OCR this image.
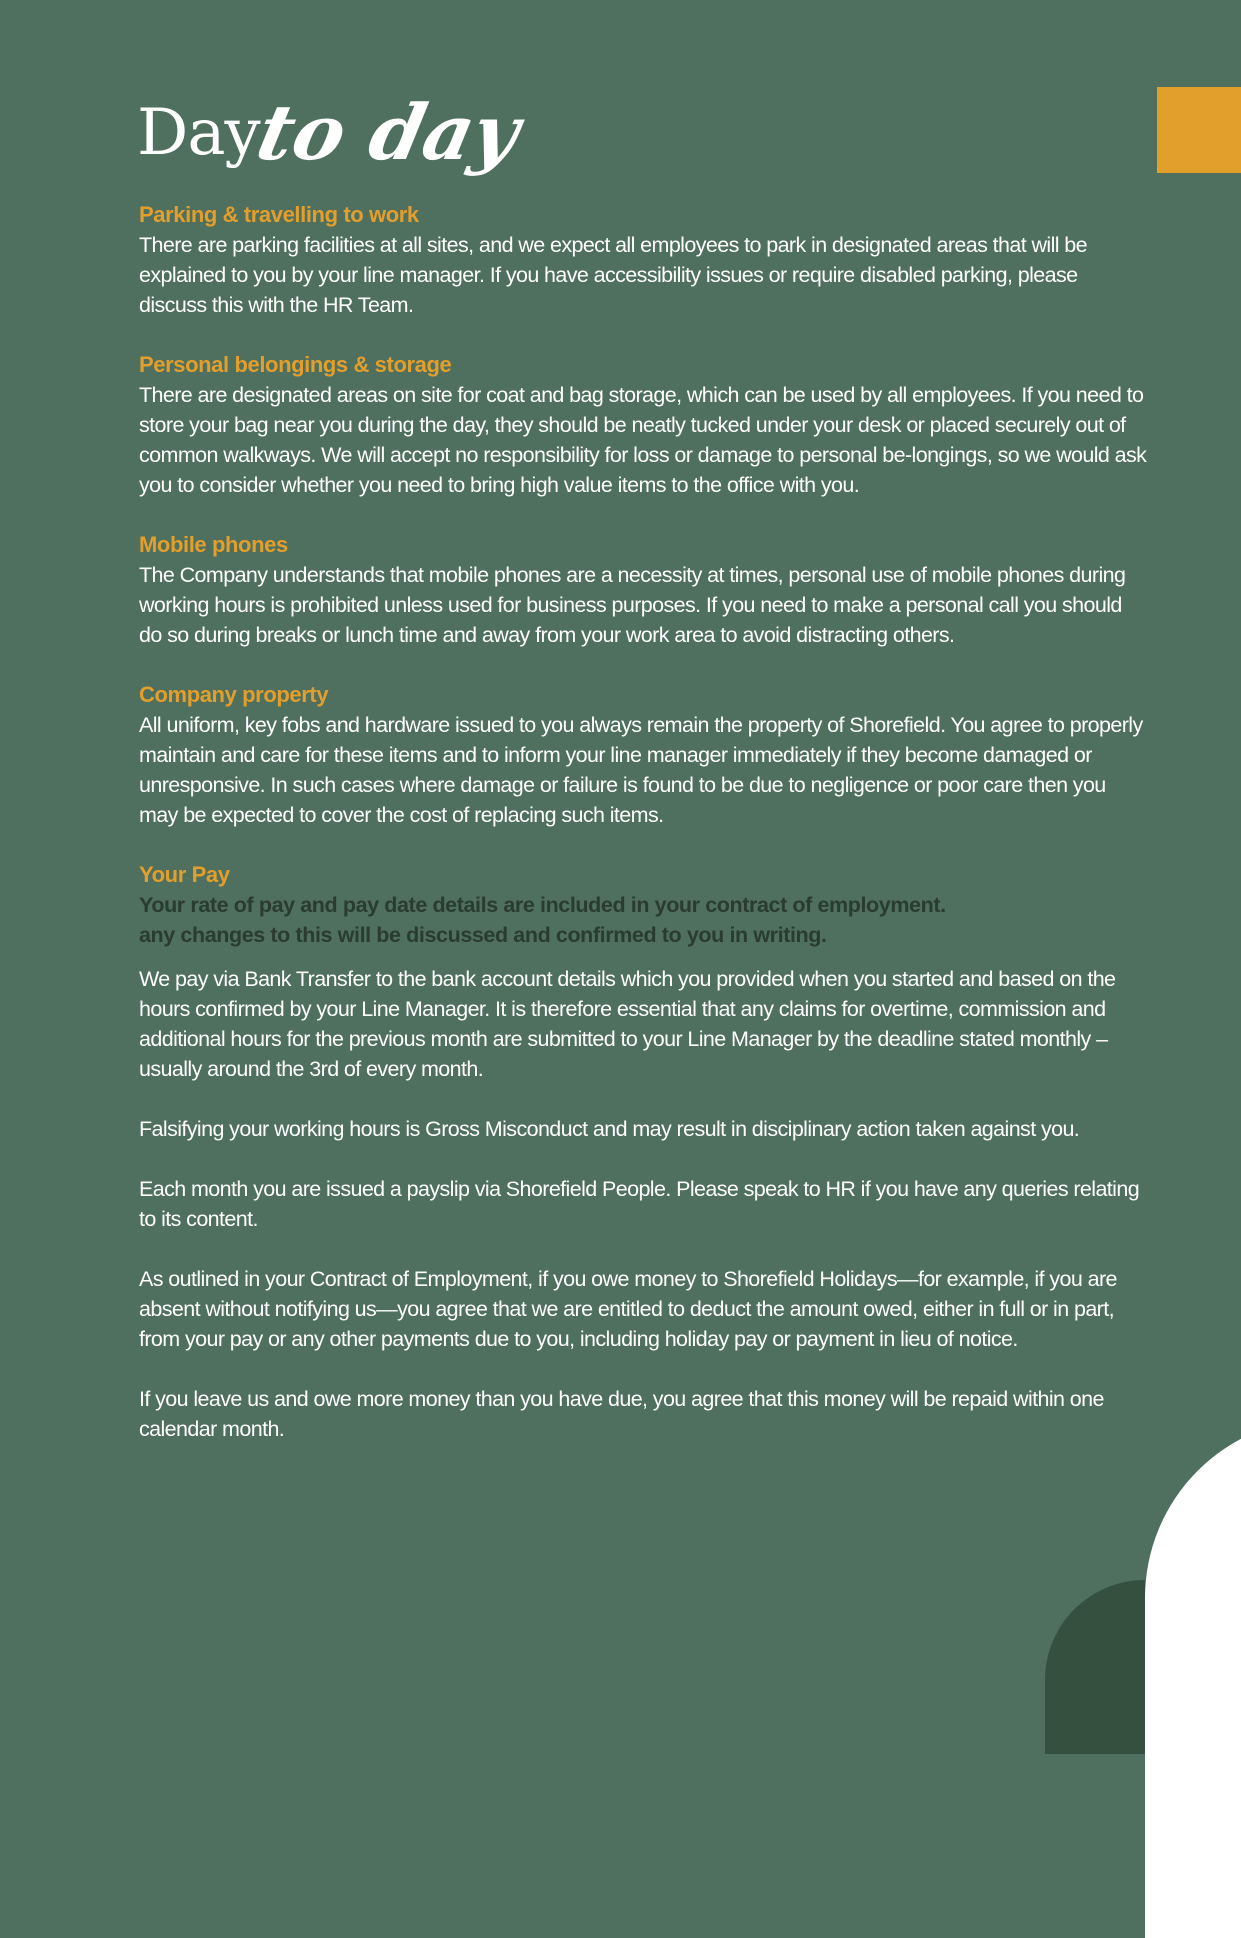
Day
to day

Parking & travelling to work

There are parking facilities at all sites, and we expect all employees to park in designated areas that will be explained to you by your line manager. If you have accessibility issues or require disabled parking, please discuss this with the HR Team.

Personal belongings & storage

There are designated areas on site for coat and bag storage, which can be used by all employees. If you need to store your bag near you during the day, they should be neatly tucked under your desk or placed securely out of common walkways. We will accept no responsibility for loss or damage to personal be-longings, so we would ask you to consider whether you need to bring high value items to the office with you.

Mobile phones

The Company understands that mobile phones are a necessity at times, personal use of mobile phones during working hours is prohibited unless used for business purposes. If you need to make a personal call you should do so during breaks or lunch time and away from your work area to avoid distracting others.

Company property

All uniform, key fobs and hardware issued to you always remain the property of Shorefield. You agree to properly maintain and care for these items and to inform your line manager immediately if they become damaged or unresponsive. In such cases where damage or failure is found to be due to negligence or poor care then you may be expected to cover the cost of replacing such items.

Your Pay

Your rate of pay and pay date details are included in your contract of employment.

any changes to this will be discussed and confirmed to you in writing.

We pay via Bank Transfer to the bank account details which you provided when you started and based on the hours confirmed by your Line Manager. It is therefore essential that any claims for overtime, commission and additional hours for the previous month are submitted to your Line Manager by the deadline stated monthly – usually around the 3rd of every month.

Falsifying your working hours is Gross Misconduct and may result in disciplinary action taken against you.

Each month you are issued a payslip via Shorefield People. Please speak to HR if you have any queries relating to its content.

As outlined in your Contract of Employment, if you owe money to Shorefield Holidays—for example, if you are absent without notifying us—you agree that we are entitled to deduct the amount owed, either in full or in part, from your pay or any other payments due to you, including holiday pay or payment in lieu of notice.

If you leave us and owe more money than you have due, you agree that this money will be repaid within one calendar month.
